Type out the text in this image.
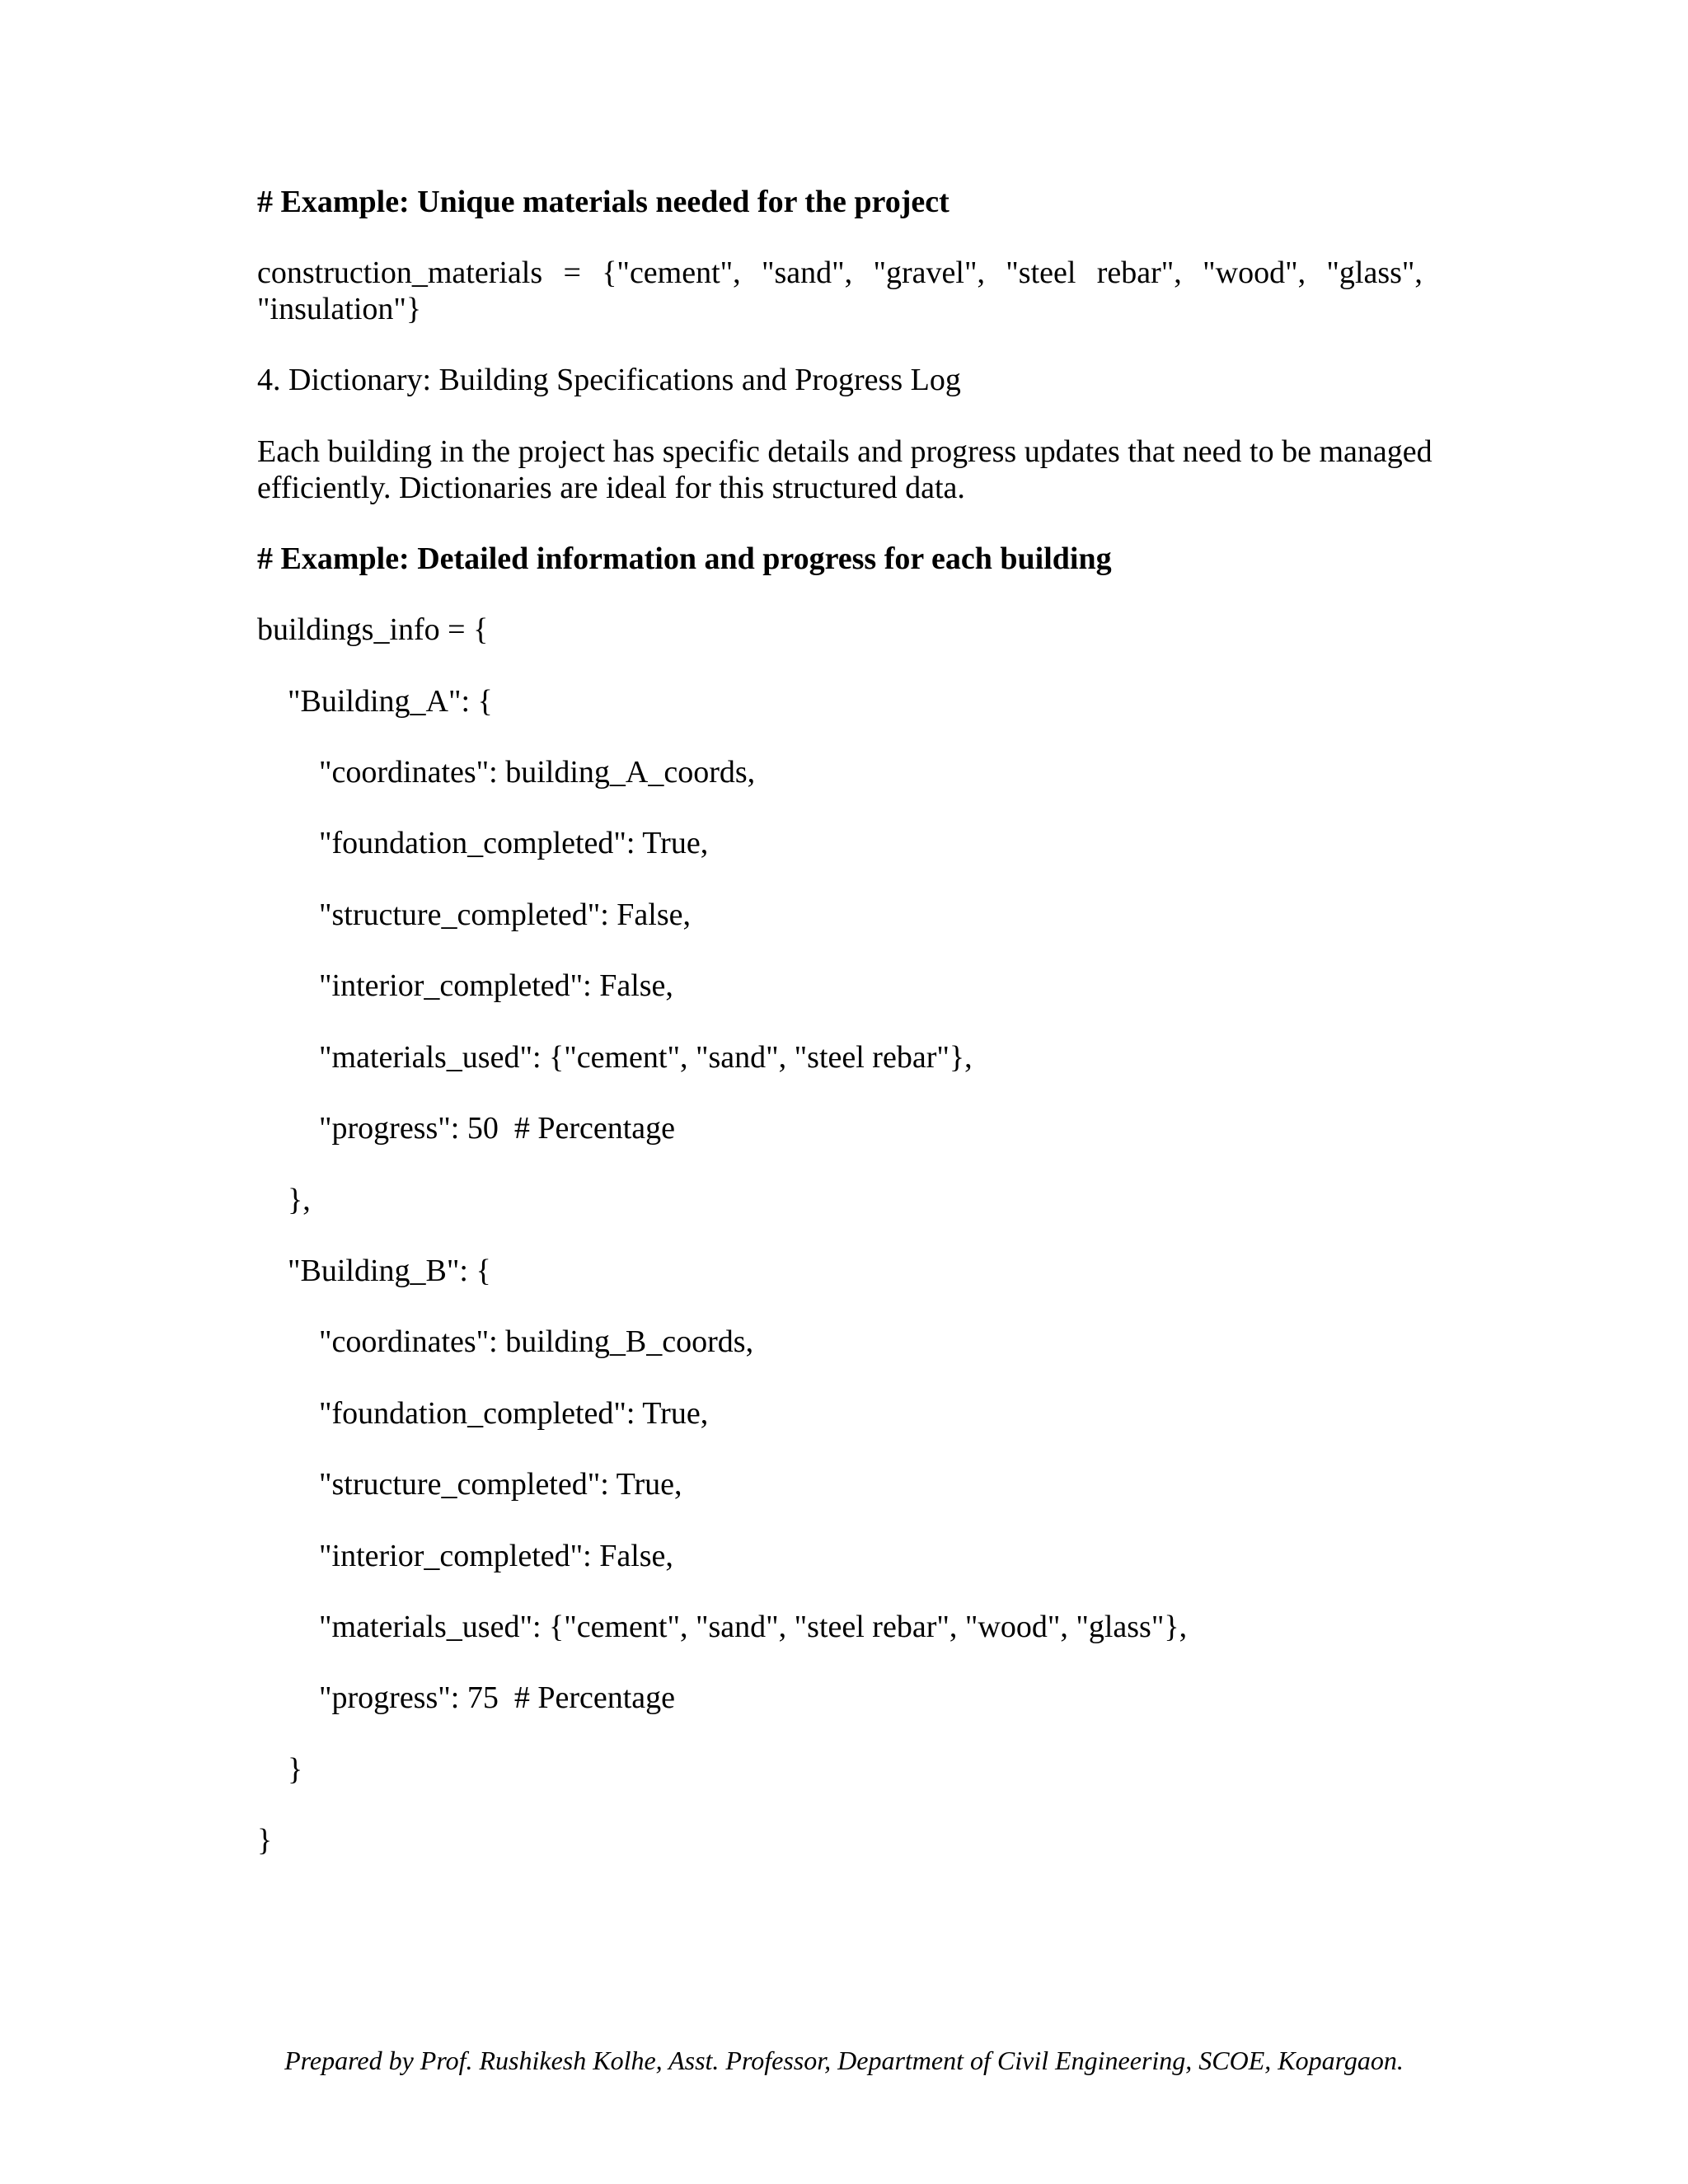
# Example: Unique materials needed for the project
construction_materials = {"cement", "sand", "gravel", "steel rebar", "wood", "glass",
"insulation"}
4. Dictionary: Building Specifications and Progress Log
Each building in the project has specific details and progress updates that need to be managed
efficiently. Dictionaries are ideal for this structured data.
# Example: Detailed information and progress for each building
buildings_info = {
"Building_A": {
"coordinates": building_A_coords,
"foundation_completed": True,
"structure_completed": False,
"interior_completed": False,
"materials_used": {"cement", "sand", "steel rebar"},
"progress": 50  # Percentage
},
"Building_B": {
"coordinates": building_B_coords,
"foundation_completed": True,
"structure_completed": True,
"interior_completed": False,
"materials_used": {"cement", "sand", "steel rebar", "wood", "glass"},
"progress": 75  # Percentage
}
}
Prepared by Prof. Rushikesh Kolhe, Asst. Professor, Department of Civil Engineering, SCOE, Kopargaon.
